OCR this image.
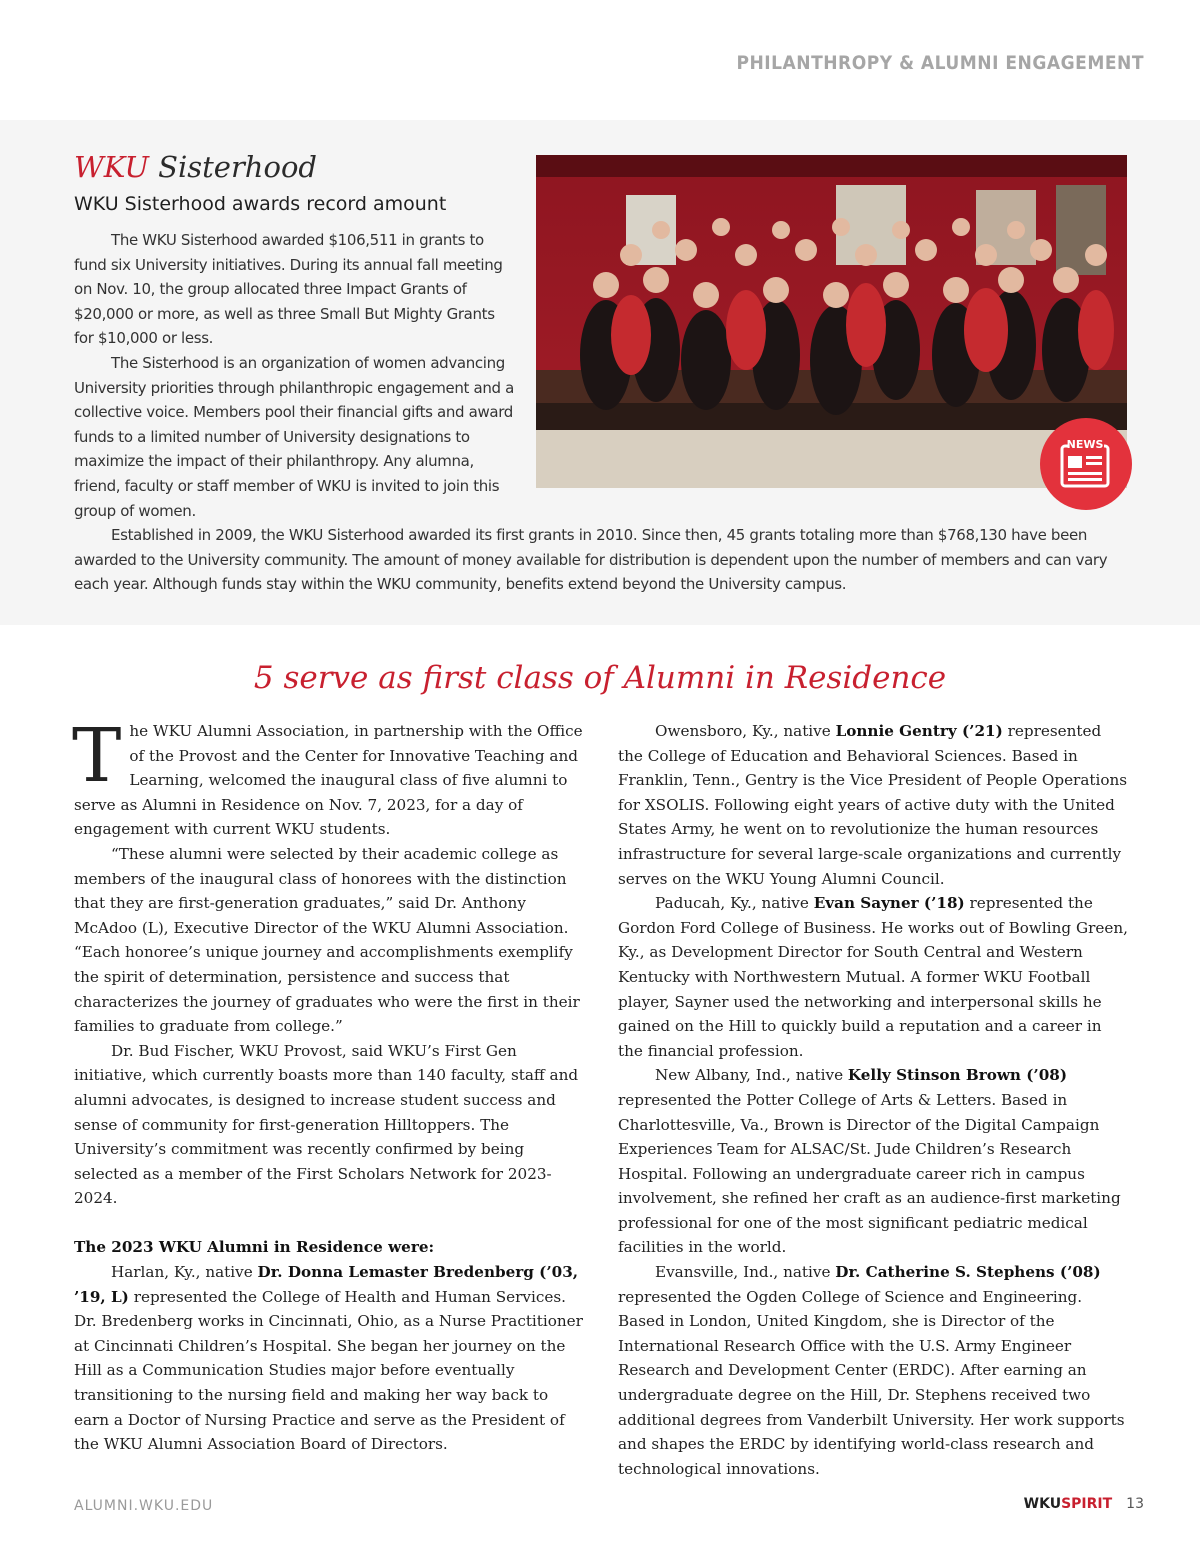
PHILANTHROPY & ALUMNI ENGAGEMENT
WKU Sisterhood
WKU Sisterhood awards record amount
NEWS

The WKU Sisterhood awarded $106,511 in grants to fund six University initiatives. During its annual fall meeting on Nov. 10, the group allocated three Impact Grants of $20,000 or more, as well as three Small But Mighty Grants for $10,000 or less.

The Sisterhood is an organization of women advancing University priorities through philanthropic engagement and a collective voice. Members pool their financial gifts and award funds to a limited number of University designations to maximize the impact of their philanthropy. Any alumna, friend, faculty or staff member of WKU is invited to join this group of women.

Established in 2009, the WKU Sisterhood awarded its first grants in 2010. Since then, 45 grants totaling more than $768,130 have been awarded to the University community. The amount of money available for distribution is dependent upon the number of members and can vary each year. Although funds stay within the WKU community, benefits extend beyond the University campus.

5 serve as first class of Alumni in Residence

The WKU Alumni Association, in partnership with the Office of the Provost and the Center for Innovative Teaching and Learning, welcomed the inaugural class of five alumni to serve as Alumni in Residence on Nov. 7, 2023, for a day of engagement with current WKU students.

“These alumni were selected by their academic college as members of the inaugural class of honorees with the distinction that they are first-generation graduates,” said Dr. Anthony McAdoo (L), Executive Director of the WKU Alumni Association. “Each honoree’s unique journey and accomplishments exemplify the spirit of determination, persistence and success that characterizes the journey of graduates who were the first in their families to graduate from college.”

Dr. Bud Fischer, WKU Provost, said WKU’s First Gen initiative, which currently boasts more than 140 faculty, staff and alumni advocates, is designed to increase student success and sense of community for first-generation Hilltoppers. The University’s commitment was recently confirmed by being selected as a member of the First Scholars Network for 2023-2024.

The 2023 WKU Alumni in Residence were:

Harlan, Ky., native Dr. Donna Lemaster Bredenberg (’03, ’19, L) represented the College of Health and Human Services. Dr. Bredenberg works in Cincinnati, Ohio, as a Nurse Practitioner at Cincinnati Children’s Hospital. She began her journey on the Hill as a Communication Studies major before eventually transitioning to the nursing field and making her way back to earn a Doctor of Nursing Practice and serve as the President of the WKU Alumni Association Board of Directors.

Owensboro, Ky., native Lonnie Gentry (’21) represented the College of Education and Behavioral Sciences. Based in Franklin, Tenn., Gentry is the Vice President of People Operations for XSOLIS. Following eight years of active duty with the United States Army, he went on to revolutionize the human resources infrastructure for several large-scale organizations and currently serves on the WKU Young Alumni Council.

Paducah, Ky., native Evan Sayner (’18) represented the Gordon Ford College of Business. He works out of Bowling Green, Ky., as Development Director for South Central and Western Kentucky with Northwestern Mutual. A former WKU Football player, Sayner used the networking and interpersonal skills he gained on the Hill to quickly build a reputation and a career in the financial profession.

New Albany, Ind., native Kelly Stinson Brown (’08) represented the Potter College of Arts & Letters. Based in Charlottesville, Va., Brown is Director of the Digital Campaign Experiences Team for ALSAC/St. Jude Children’s Research Hospital. Following an undergraduate career rich in campus involvement, she refined her craft as an audience-first marketing professional for one of the most significant pediatric medical facilities in the world.

Evansville, Ind., native Dr. Catherine S. Stephens (’08) represented the Ogden College of Science and Engineering. Based in London, United Kingdom, she is Director of the International Research Office with the U.S. Army Engineer Research and Development Center (ERDC). After earning an undergraduate degree on the Hill, Dr. Stephens received two additional degrees from Vanderbilt University. Her work supports and shapes the ERDC by identifying world-class research and technological innovations.

ALUMNI.WKU.EDU	WKUSPIRIT 13
